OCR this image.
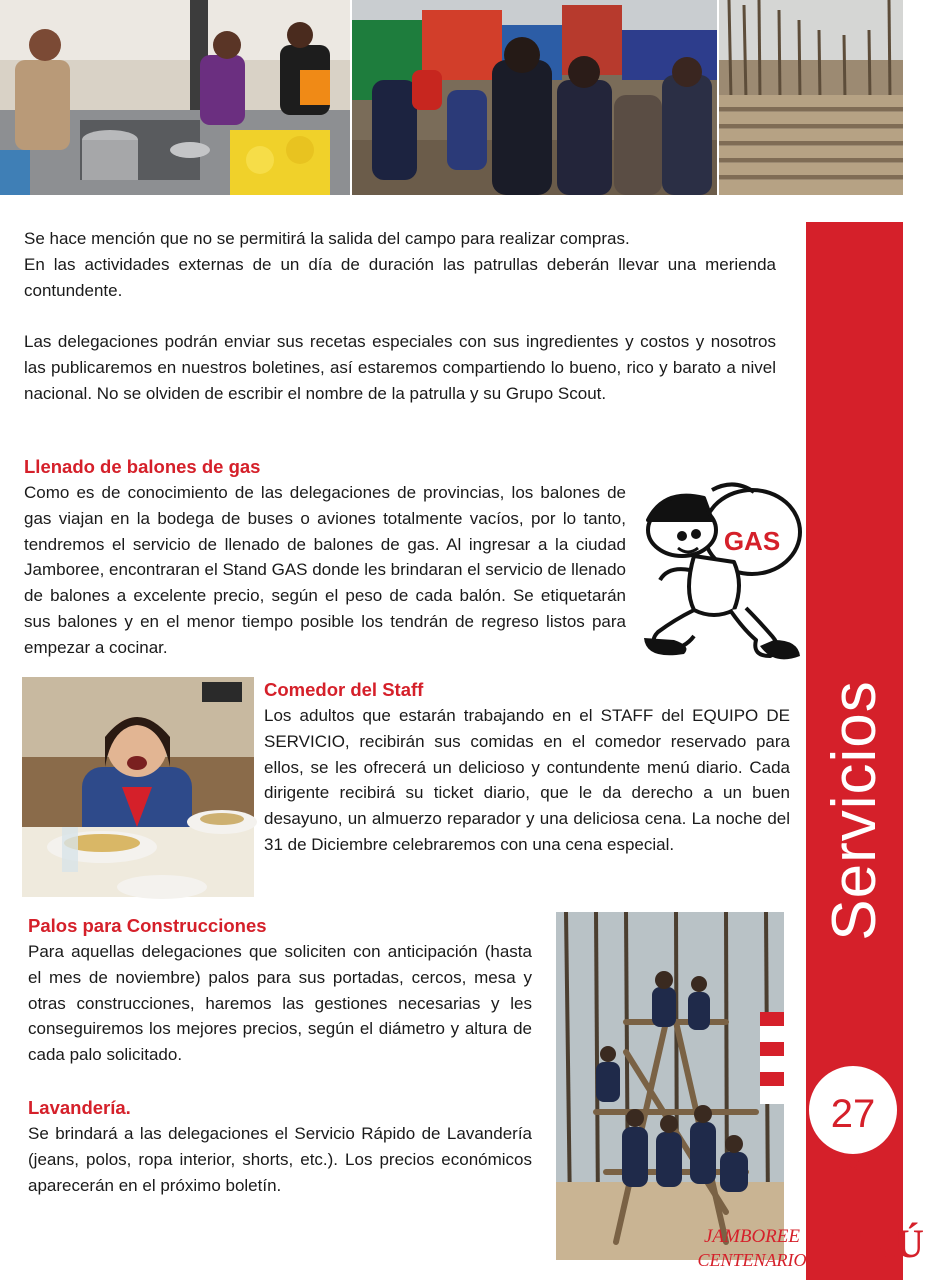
Se hace mención que no se permitirá la salida del campo para realizar compras.
En las actividades externas de un día de duración las patrullas deberán llevar una merienda contundente.
Las delegaciones podrán enviar sus recetas especiales con sus ingredientes y costos y nosotros las publicaremos en nuestros boletines, así estaremos compartiendo lo bueno, rico y barato a nivel nacional. No se olviden de escribir el nombre de la patrulla y su Grupo Scout.
Llenado de balones de gas
Como es de conocimiento de las delegaciones de provincias, los balones de gas viajan en la bodega de buses o aviones totalmente vacíos, por lo tanto, tendremos el servicio de llenado de balones de gas. Al ingresar a la ciudad Jamboree, encontraran el Stand GAS donde les brindaran el servicio de llenado de balones a excelente precio, según el peso de cada balón. Se etiquetarán sus balones y en el menor tiempo posible los tendrán de regreso listos para empezar a cocinar.
GAS
Comedor del Staff
Los adultos que estarán trabajando en el STAFF del EQUIPO DE SERVICIO, recibirán sus comidas en el comedor reservado para ellos, se les ofrecerá un delicioso y contundente menú diario. Cada dirigente recibirá su ticket diario, que le da derecho a un buen desayuno, un almuerzo reparador y una deliciosa cena. La noche del 31 de Diciembre celebraremos con una cena especial.
Palos para Construcciones
Para aquellas delegaciones que soliciten con anticipación (hasta el mes de noviembre) palos para sus portadas, cercos, mesa y otras construcciones, haremos las gestiones necesarias y les conseguiremos los mejores precios, según el diámetro y altura de cada palo solicitado.
Lavandería.
Se brindará a las delegaciones el Servicio Rápido de Lavandería (jeans, polos, ropa interior, shorts, etc.). Los precios económicos aparecerán en el próximo boletín.
Servicios
27
JAMBOREE
CENTENARIO PERÚ
